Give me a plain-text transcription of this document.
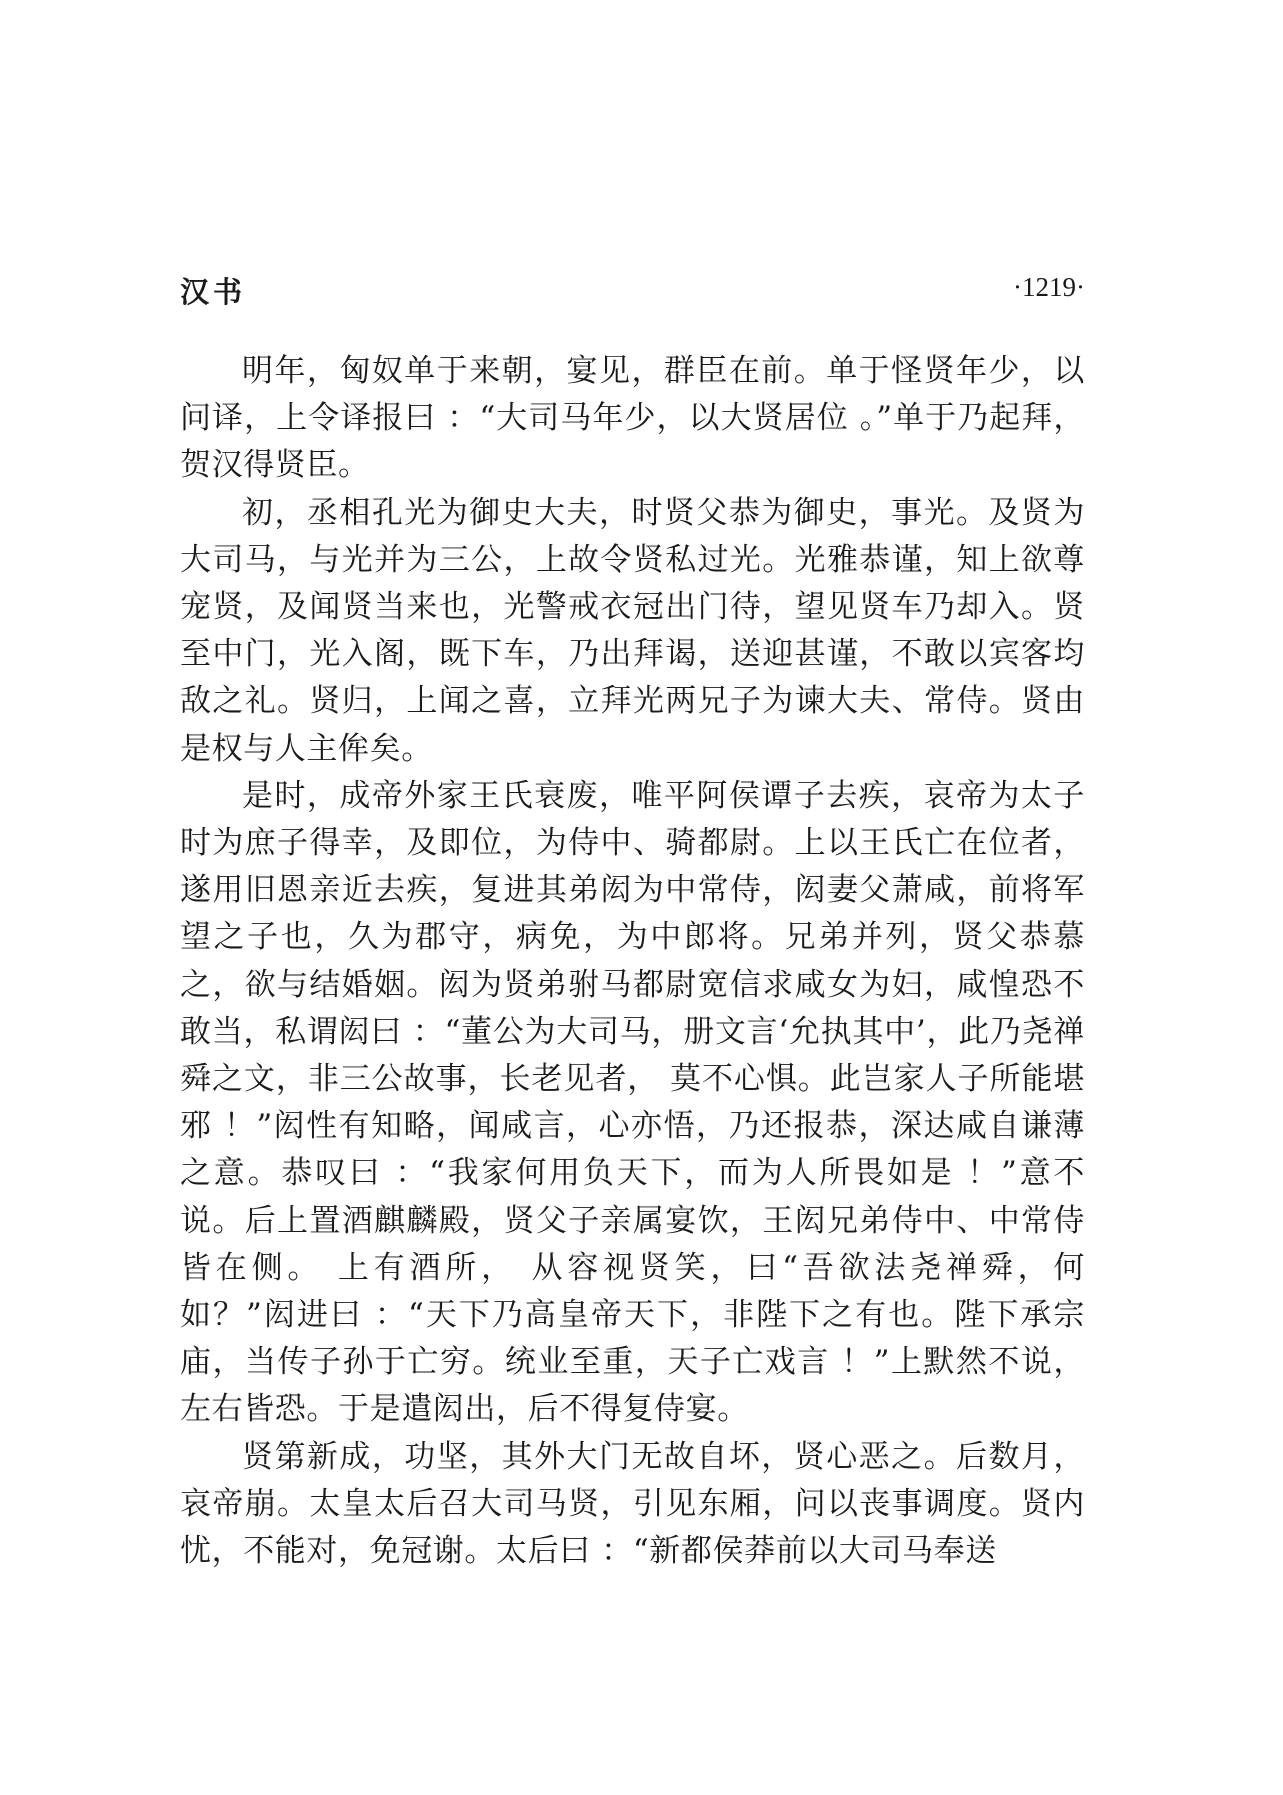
汉书	·1219·

明年，匈奴单于来朝，宴见，群臣在前。单于怪贤年少，以问译，上令译报曰 ：“大司马年少，以大贤居位 。”单于乃起拜，贺汉得贤臣。

初，丞相孔光为御史大夫，时贤父恭为御史，事光。及贤为大司马，与光并为三公，上故令贤私过光。光雅恭谨，知上欲尊宠贤，及闻贤当来也，光警戒衣冠出门待，望见贤车乃却入。贤至中门，光入阁，既下车，乃出拜谒，送迎甚谨，不敢以宾客均敌之礼。贤归，上闻之喜，立拜光两兄子为谏大夫、常侍。贤由是权与人主侔矣。

是时，成帝外家王氏衰废，唯平阿侯谭子去疾，哀帝为太子时为庶子得幸，及即位，为侍中、骑都尉。上以王氏亡在位者，遂用旧恩亲近去疾，复进其弟闳为中常侍，闳妻父萧咸，前将军望之子也，久为郡守，病免，为中郎将。兄弟并列，贤父恭慕之，欲与结婚姻。闳为贤弟驸马都尉宽信求咸女为妇，咸惶恐不敢当，私谓闳曰 ：“董公为大司马，册文言‘允执其中’，此乃尧禅舜之文，非三公故事，长老见者， 莫不心惧。此岂家人子所能堪邪 ！”闳性有知略，闻咸言，心亦悟，乃还报恭，深达咸自谦薄之意。恭叹曰 ：“我家何用负天下，而为人所畏如是 ！”意不说。后上置酒麒麟殿，贤父子亲属宴饮，王闳兄弟侍中、中常侍皆在侧。 上有酒所， 从容视贤笑，曰“吾欲法尧禅舜，何如？”闳进曰 ：“天下乃高皇帝天下，非陛下之有也。陛下承宗庙，当传子孙于亡穷。统业至重，天子亡戏言 ！”上默然不说，左右皆恐。于是遣闳出，后不得复侍宴。

贤第新成，功坚，其外大门无故自坏，贤心恶之。后数月，哀帝崩。太皇太后召大司马贤，引见东厢，问以丧事调度。贤内忧，不能对，免冠谢。太后曰 ：“新都侯莽前以大司马奉送
